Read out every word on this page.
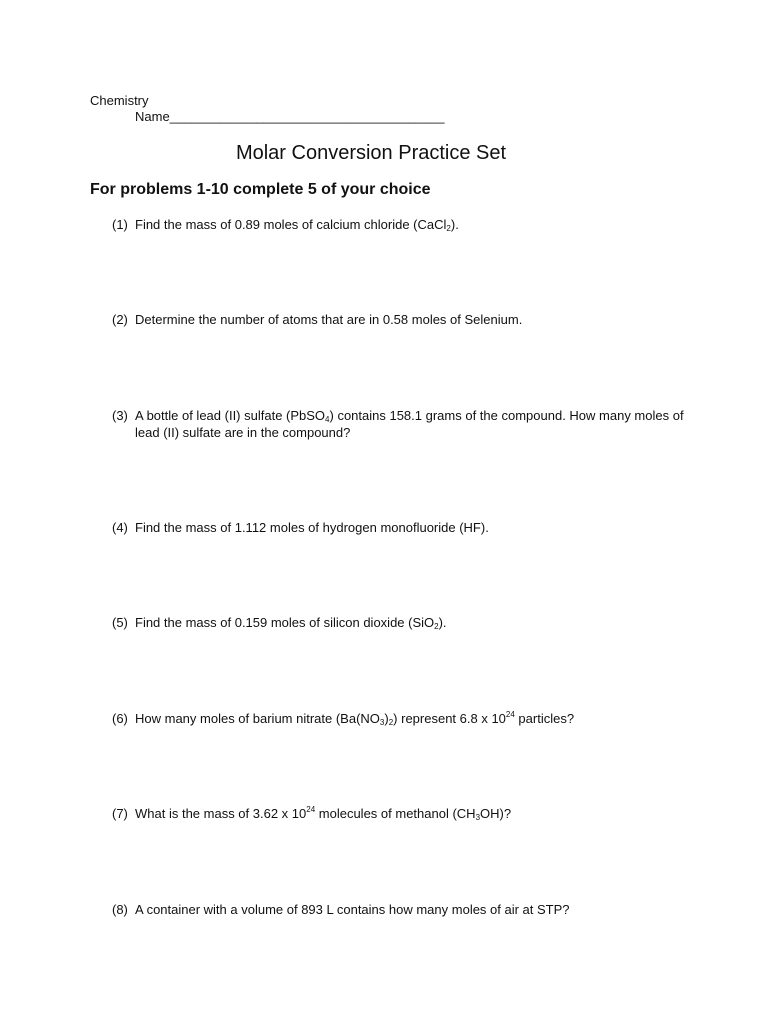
Chemistry
Name______________________________________
Molar Conversion Practice Set
For problems 1-10 complete 5 of your choice
(1) Find the mass of 0.89 moles of calcium chloride (CaCl$_2$).
(2) Determine the number of atoms that are in 0.58 moles of Selenium.
(3) A bottle of lead (II) sulfate (PbSO$_4$) contains 158.1 grams of the compound. How many moles of lead (II) sulfate are in the compound?
(4) Find the mass of 1.112 moles of hydrogen monofluoride (HF).
(5) Find the mass of 0.159 moles of silicon dioxide (SiO$_2$).
(6) How many moles of barium nitrate $(Ba(NO_3)_2)$ represent 6.8 x $10^{24}$ particles?
(7) What is the mass of 3.62 x $10^{24}$ molecules of methanol $(CH_3OH)$?
(8) A container with a volume of 893 L contains how many moles of air at STP?
